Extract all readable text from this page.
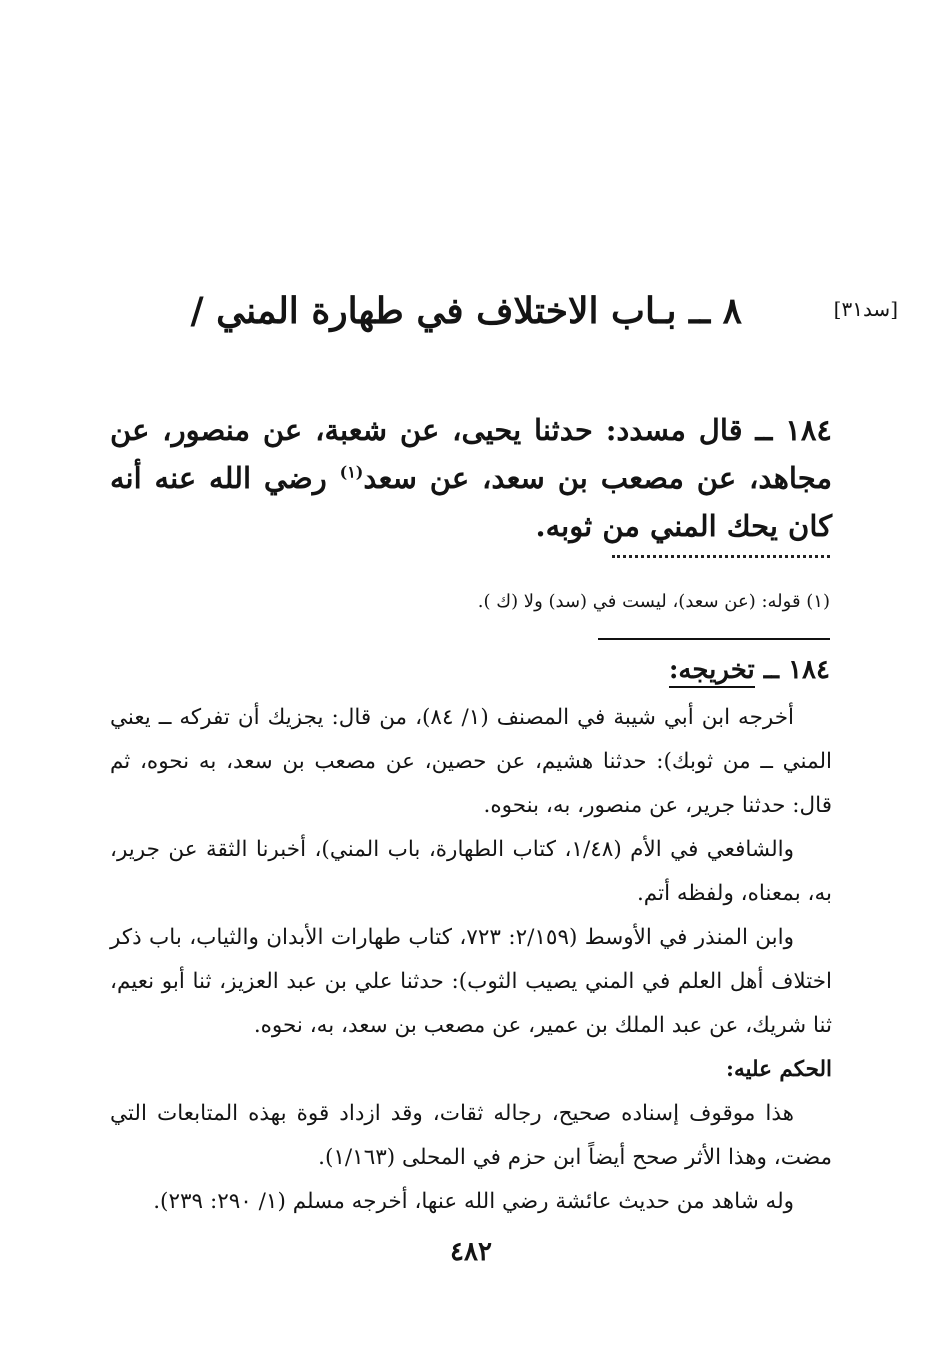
[سد۳۱]
٨ ــ بـاب الاختلاف في طهارة المني /
١٨٤ ــ قال مسدد: حدثنا يحيى، عن شعبة، عن منصور، عن مجاهد، عن مصعب بن سعد، عن سعد$^{(١)}$ رضي الله عنه أنه كان يحك المني من ثوبه.
(١) قوله: (عن سعد)، ليست في (سد) ولا (ك ).
١٨٤ ــ تخريجه:

أخرجه ابن أبي شيبة في المصنف (١/ ٨٤)، من قال: يجزيك أن تفركه ــ يعني المني ــ من ثوبك): حدثنا هشيم، عن حصين، عن مصعب بن سعد، به نحوه، ثم قال: حدثنا جرير، عن منصور، به، بنحوه.

والشافعي في الأم (١/٤٨، كتاب الطهارة، باب المني)، أخبرنا الثقة عن جرير، به، بمعناه، ولفظه أتم.

وابن المنذر في الأوسط (٢/١٥٩: ٧٢٣، كتاب طهارات الأبدان والثياب، باب ذكر اختلاف أهل العلم في المني يصيب الثوب): حدثنا علي بن عبد العزيز، ثنا أبو نعيم، ثنا شريك، عن عبد الملك بن عمير، عن مصعب بن سعد، به، نحوه.

الحكم عليه:

هذا موقوف إسناده صحيح، رجاله ثقات، وقد ازداد قوة بهذه المتابعات التي مضت، وهذا الأثر صحح أيضاً ابن حزم في المحلى (١/١٦٣).

وله شاهد من حديث عائشة رضي الله عنها، أخرجه مسلم (١/ ٢٩٠: ٢٣٩).

٤٨٢
